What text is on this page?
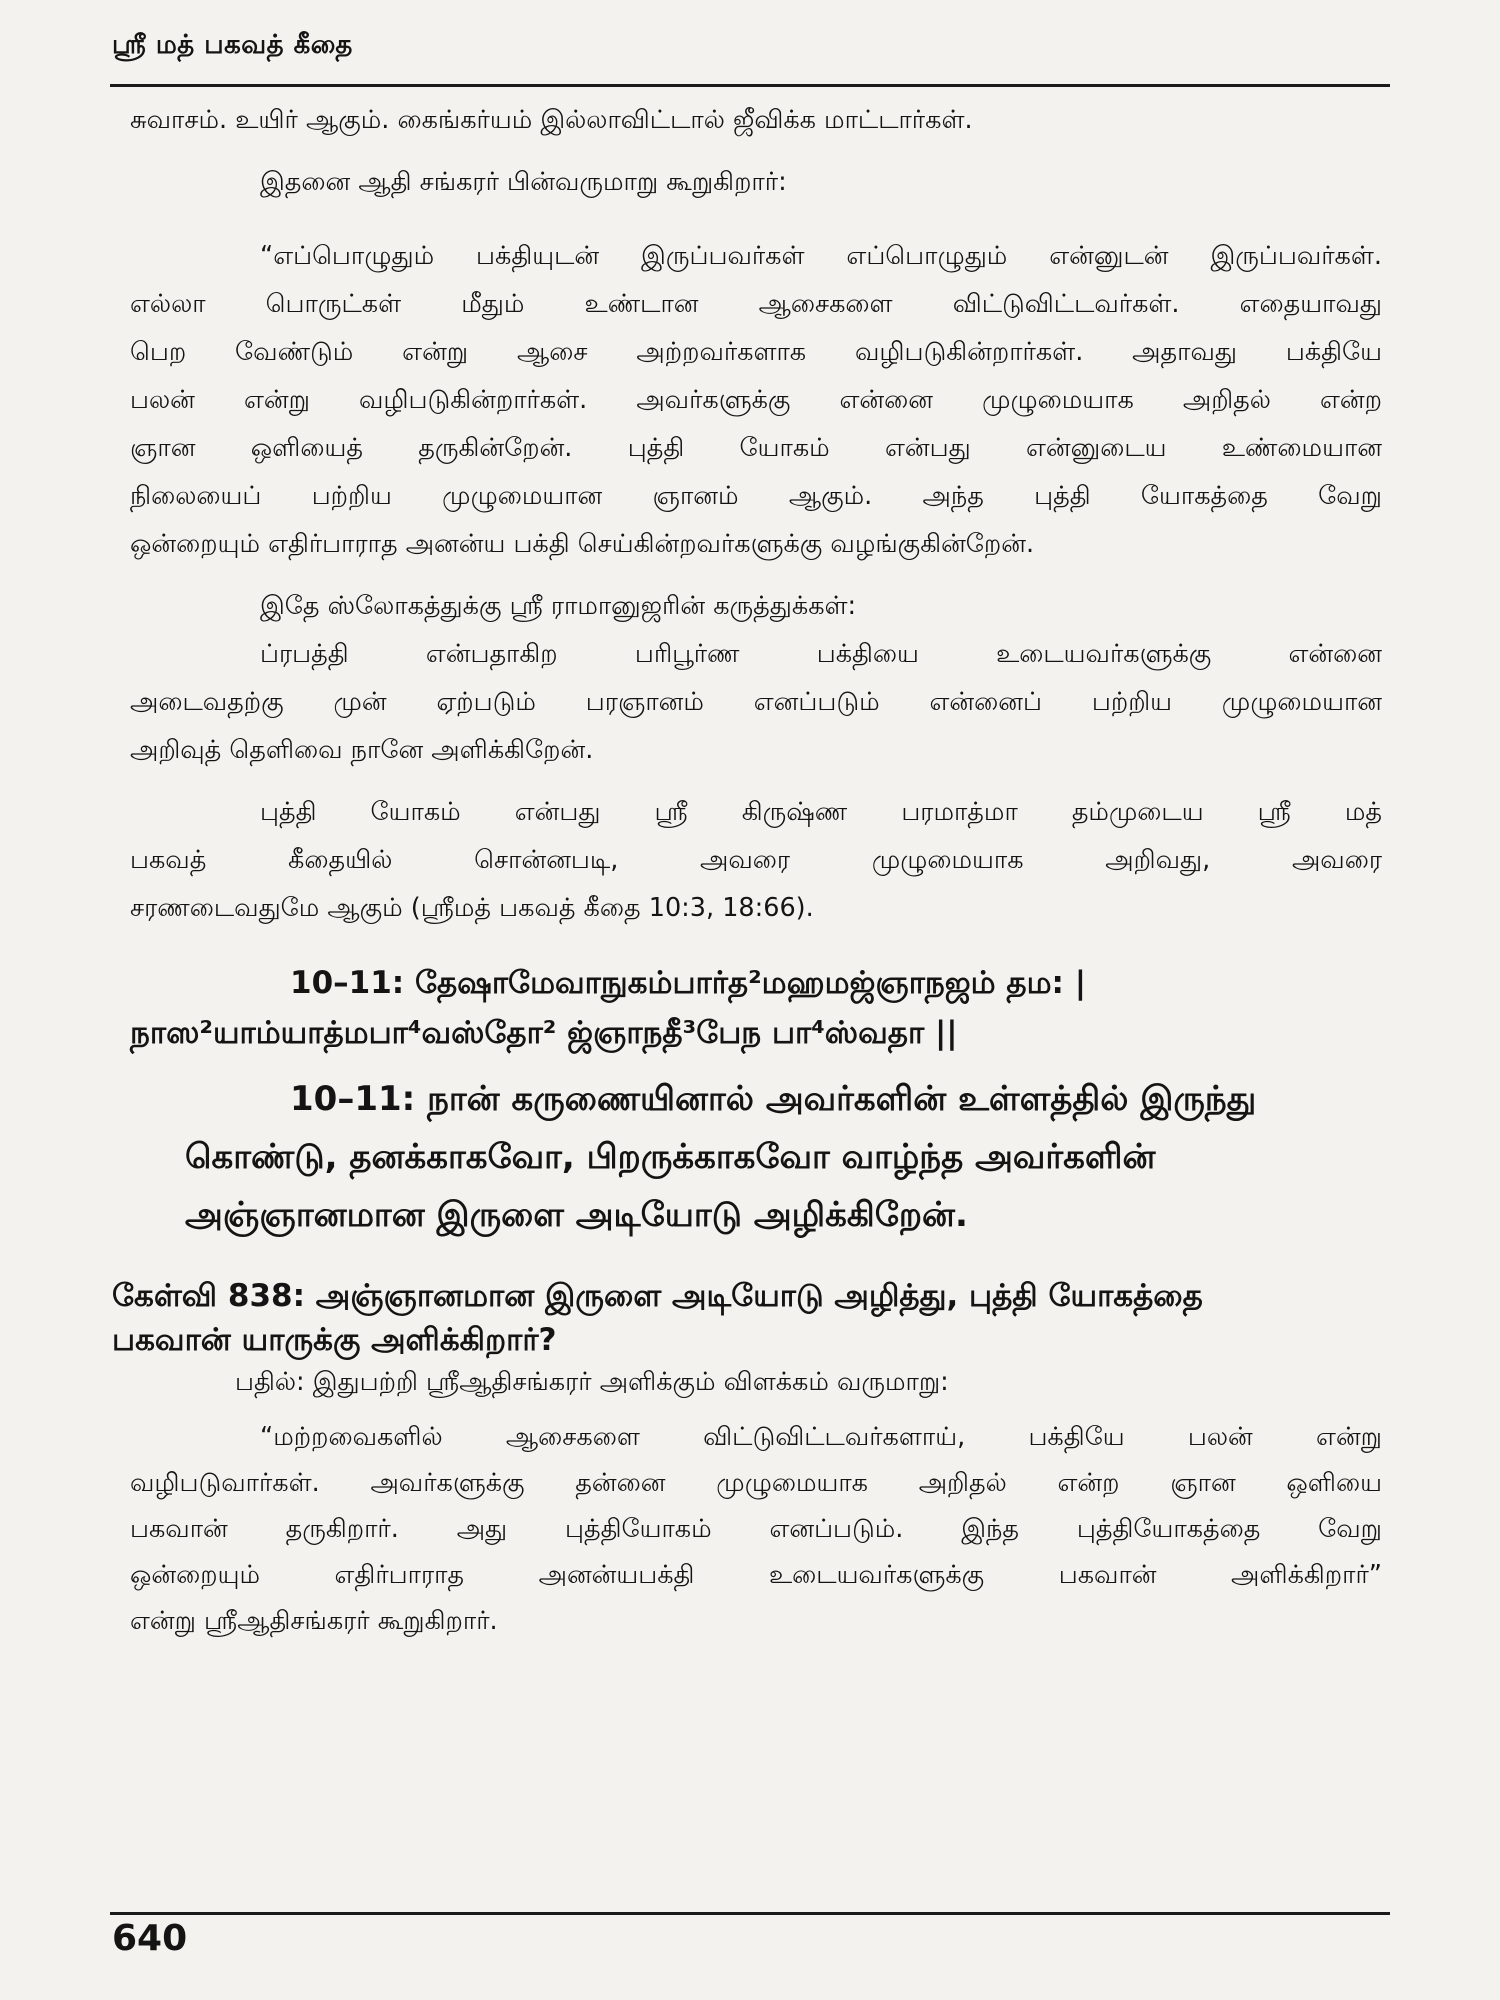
ஸ்ரீ மத் பகவத் கீதை
சுவாசம். உயிர் ஆகும். கைங்கர்யம் இல்லாவிட்டால் ஜீவிக்க மாட்டார்கள்.
இதனை ஆதி சங்கரர் பின்வருமாறு கூறுகிறார்:
“எப்பொழுதும் பக்தியுடன் இருப்பவர்கள் எப்பொழுதும் என்னுடன் இருப்பவர்கள்.
எல்லா பொருட்கள் மீதும் உண்டான ஆசைகளை விட்டுவிட்டவர்கள். எதையாவது
பெற வேண்டும் என்று ஆசை அற்றவர்களாக வழிபடுகின்றார்கள். அதாவது பக்தியே
பலன் என்று வழிபடுகின்றார்கள். அவர்களுக்கு என்னை முழுமையாக அறிதல் என்ற
ஞான ஒளியைத் தருகின்றேன். புத்தி யோகம் என்பது என்னுடைய உண்மையான
நிலையைப் பற்றிய முழுமையான ஞானம் ஆகும். அந்த புத்தி யோகத்தை வேறு
ஒன்றையும் எதிர்பாராத அனன்ய பக்தி செய்கின்றவர்களுக்கு வழங்குகின்றேன்.
இதே ஸ்லோகத்துக்கு ஸ்ரீ ராமானுஜரின் கருத்துக்கள்:
ப்ரபத்தி என்பதாகிற பரிபூர்ண பக்தியை உடையவர்களுக்கு என்னை
அடைவதற்கு முன் ஏற்படும் பரஞானம் எனப்படும் என்னைப் பற்றிய முழுமையான
அறிவுத் தெளிவை நானே அளிக்கிறேன்.
புத்தி யோகம் என்பது ஸ்ரீ கிருஷ்ண பரமாத்மா தம்முடைய ஸ்ரீ மத்
பகவத் கீதையில் சொன்னபடி, அவரை முழுமையாக அறிவது, அவரை
சரணடைவதுமே ஆகும் (ஸ்ரீமத் பகவத் கீதை 10:3, 18:66).
10–11: தேஷாமேவாநுகம்பார்த²மஹமஜ்ஞாநஜம் தம: |
நாஸ²யாம்யாத்மபா⁴வஸ்தோ² ஜ்ஞாநதீ³பேந பா⁴ஸ்வதா ||
10–11: நான் கருணையினால் அவர்களின் உள்ளத்தில் இருந்து
கொண்டு, தனக்காகவோ, பிறருக்காகவோ வாழ்ந்த அவர்களின்
அஞ்ஞானமான இருளை அடியோடு அழிக்கிறேன்.
கேள்வி 838: அஞ்ஞானமான இருளை அடியோடு அழித்து, புத்தி யோகத்தை
பகவான் யாருக்கு அளிக்கிறார்?
பதில்: இதுபற்றி ஸ்ரீஆதிசங்கரர் அளிக்கும் விளக்கம் வருமாறு:
“மற்றவைகளில் ஆசைகளை விட்டுவிட்டவர்களாய், பக்தியே பலன் என்று
வழிபடுவார்கள். அவர்களுக்கு தன்னை முழுமையாக அறிதல் என்ற ஞான ஒளியை
பகவான் தருகிறார். அது புத்தியோகம் எனப்படும். இந்த புத்தியோகத்தை வேறு
ஒன்றையும் எதிர்பாராத அனன்யபக்தி உடையவர்களுக்கு பகவான் அளிக்கிறார்”
என்று ஸ்ரீஆதிசங்கரர் கூறுகிறார்.
640
